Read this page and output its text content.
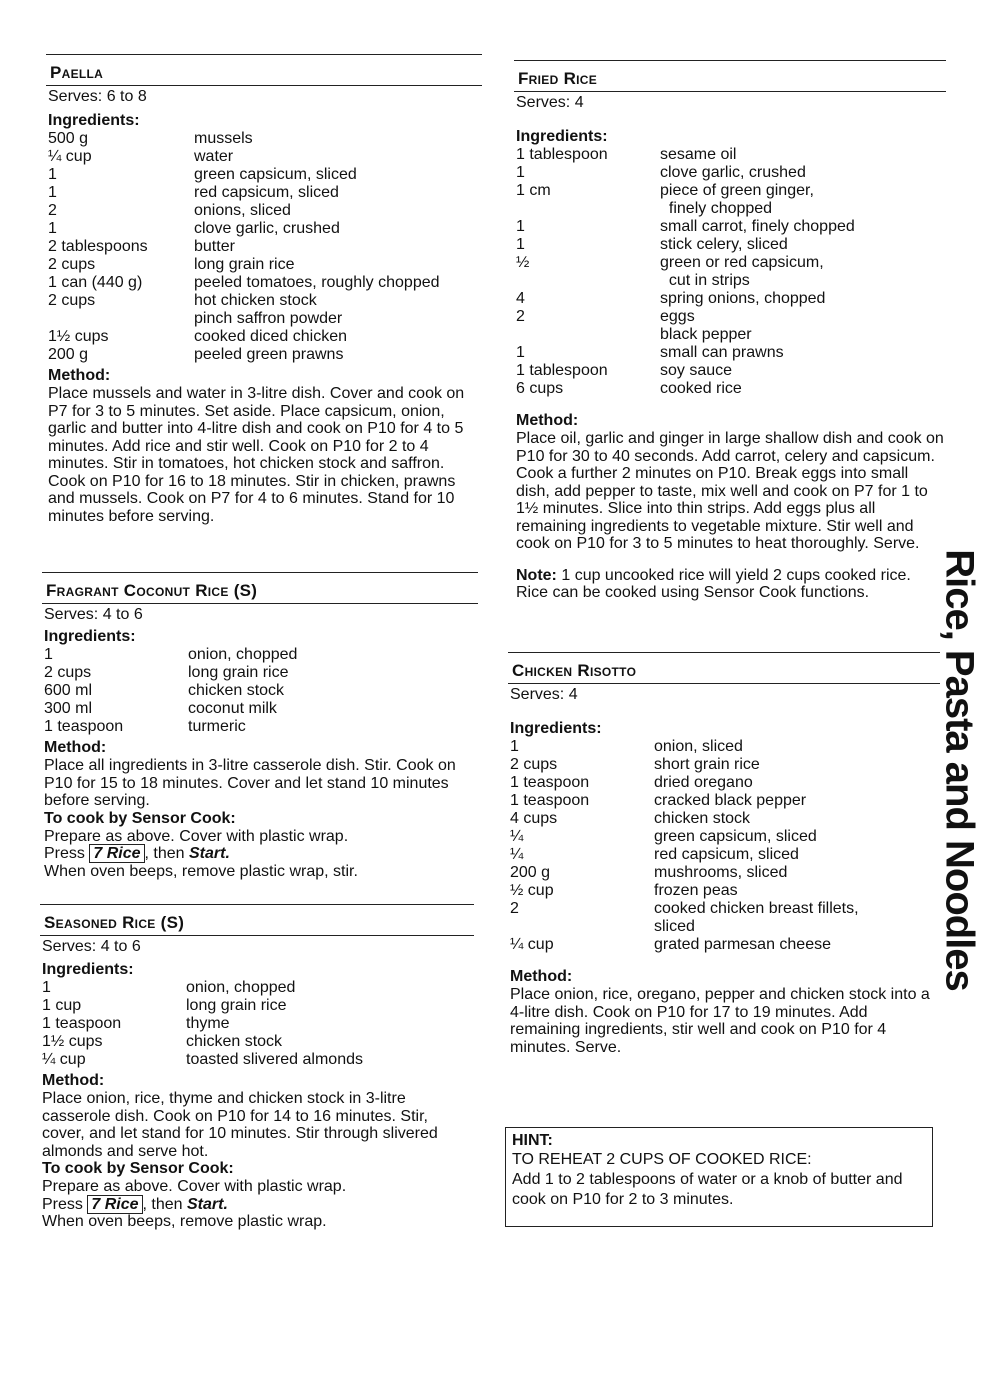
Paella
Serves: 6 to 8
Ingredients:
500 g	mussels
¼ cup	water
1	green capsicum, sliced
1	red capsicum, sliced
2	onions, sliced
1	clove garlic, crushed
2 tablespoons	butter
2 cups	long grain rice
1 can (440 g)	peeled tomatoes, roughly chopped
2 cups	hot chicken stock
pinch saffron powder
1½ cups	cooked diced chicken
200 g	peeled green prawns
Method:
Place mussels and water in 3-litre dish. Cover and cook on P7 for 3 to 5 minutes. Set aside. Place capsicum, onion, garlic and butter into 4-litre dish and cook on P10 for 4 to 5 minutes. Add rice and stir well. Cook on P10 for 2 to 4 minutes. Stir in tomatoes, hot chicken stock and saffron. Cook on P10 for 16 to 18 minutes. Stir in chicken, prawns and mussels. Cook on P7 for 4 to 6 minutes. Stand for 10 minutes before serving.
Fragrant Coconut Rice (S)
Serves: 4 to 6
Ingredients:
1	onion, chopped
2 cups	long grain rice
600 ml	chicken stock
300 ml	coconut milk
1 teaspoon	turmeric
Method:
Place all ingredients in 3-litre casserole dish. Stir. Cook on P10 for 15 to 18 minutes. Cover and let stand 10 minutes before serving.
To cook by Sensor Cook:
Prepare as above. Cover with plastic wrap.
Press 7 Rice , then Start.
When oven beeps, remove plastic wrap, stir.
Seasoned Rice (S)
Serves: 4 to 6
Ingredients:
1	onion, chopped
1 cup	long grain rice
1 teaspoon	thyme
1½ cups	chicken stock
¼ cup	toasted slivered almonds
Method:
Place onion, rice, thyme and chicken stock in 3-litre casserole dish. Cook on P10 for 14 to 16 minutes. Stir, cover, and let stand for 10 minutes. Stir through slivered almonds and serve hot.
To cook by Sensor Cook:
Prepare as above. Cover with plastic wrap.
Press 7 Rice , then Start.
When oven beeps, remove plastic wrap.
Fried Rice
Serves: 4
Ingredients:
1 tablespoon	sesame oil
1	clove garlic, crushed
1 cm	piece of green ginger,
finely chopped
1	small carrot, finely chopped
1	stick celery, sliced
½	green or red capsicum,
cut in strips
4	spring onions, chopped
2	eggs
black pepper
1	small can prawns
1 tablespoon	soy sauce
6 cups	cooked rice
Method:
Place oil, garlic and ginger in large shallow dish and cook on P10 for 30 to 40 seconds. Add carrot, celery and capsicum. Cook a further 2 minutes on P10. Break eggs into small dish, add pepper to taste, mix well and cook on P7 for 1 to 1½ minutes. Slice into thin strips. Add eggs plus all remaining ingredients to vegetable mixture. Stir well and cook on P10 for 3 to 5 minutes to heat thoroughly. Serve.
Note: 1 cup uncooked rice will yield 2 cups cooked rice. Rice can be cooked using Sensor Cook functions.
Chicken Risotto
Serves: 4
Ingredients:
1	onion, sliced
2 cups	short grain rice
1 teaspoon	dried oregano
1 teaspoon	cracked black pepper
4 cups	chicken stock
¼	green capsicum, sliced
¼	red capsicum, sliced
200 g	mushrooms, sliced
½ cup	frozen peas
2	cooked chicken breast fillets,
sliced
¼ cup	grated parmesan cheese
Method:
Place onion, rice, oregano, pepper and chicken stock into a 4-litre dish. Cook on P10 for 17 to 19 minutes. Add remaining ingredients, stir well and cook on P10 for 4 minutes. Serve.
HINT:
TO REHEAT 2 CUPS OF COOKED RICE:
Add 1 to 2 tablespoons of water or a knob of butter and cook on P10 for 2 to 3 minutes.
Rice, Pasta and Noodles
